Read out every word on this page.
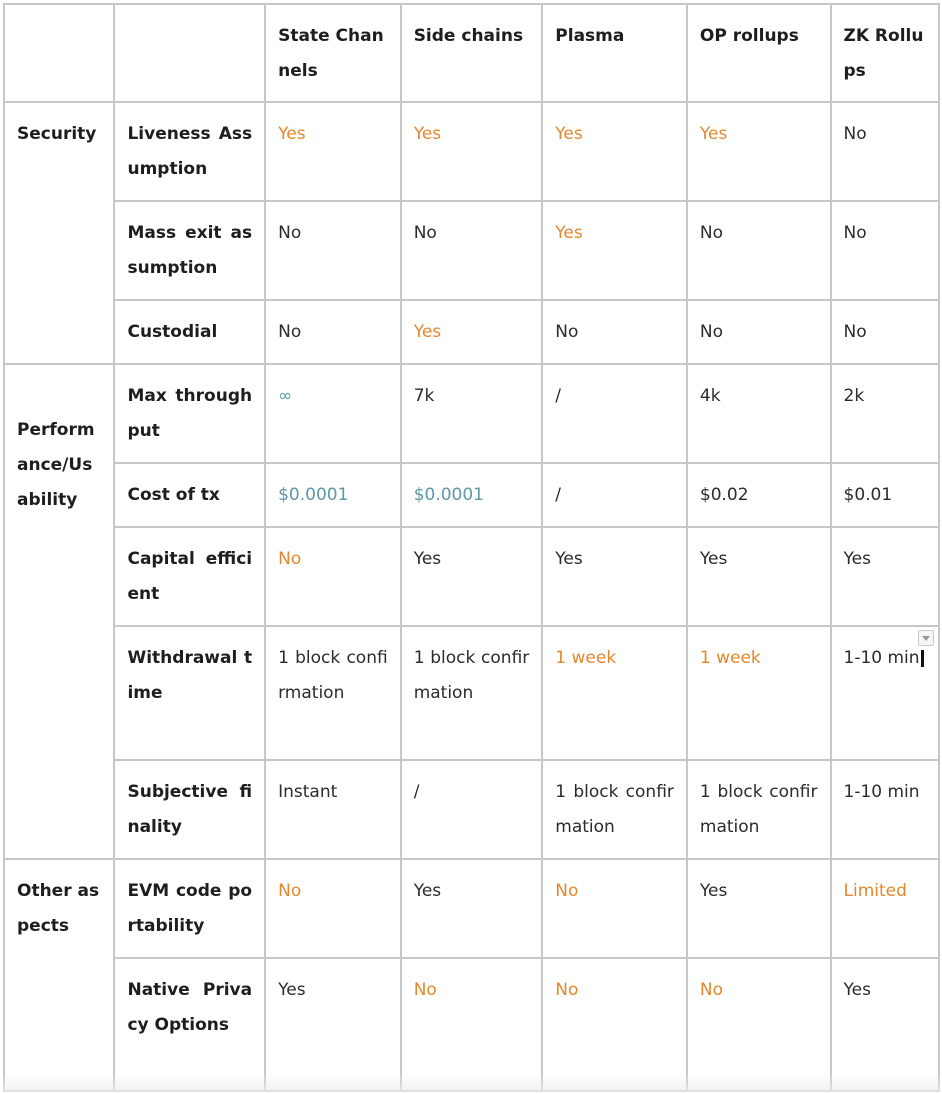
		State Channels	Side chains	Plasma	OP rollups	ZK Rollups
Security	Liveness Assumption	Yes	Yes	Yes	Yes	No
	Mass exit assumption	No	No	Yes	No	No
	Custodial	No	Yes	No	No	No
Performance/Usability	Max throughput	∞	7k	/	4k	2k
	Cost of tx	$0.0001	$0.0001	/	$0.02	$0.01
	Capital efficient	No	Yes	Yes	Yes	Yes
	Withdrawal time	1 block confirmation	1 block confirmation	1 week	1 week	1-10 min

	Subjective finality	Instant	/	1 block confirmation	1 block confirmation	1-10 min
Other aspects	EVM code portability	No	Yes	No	Yes	Limited
	Native Privacy Options	Yes	No	No	No	Yes
